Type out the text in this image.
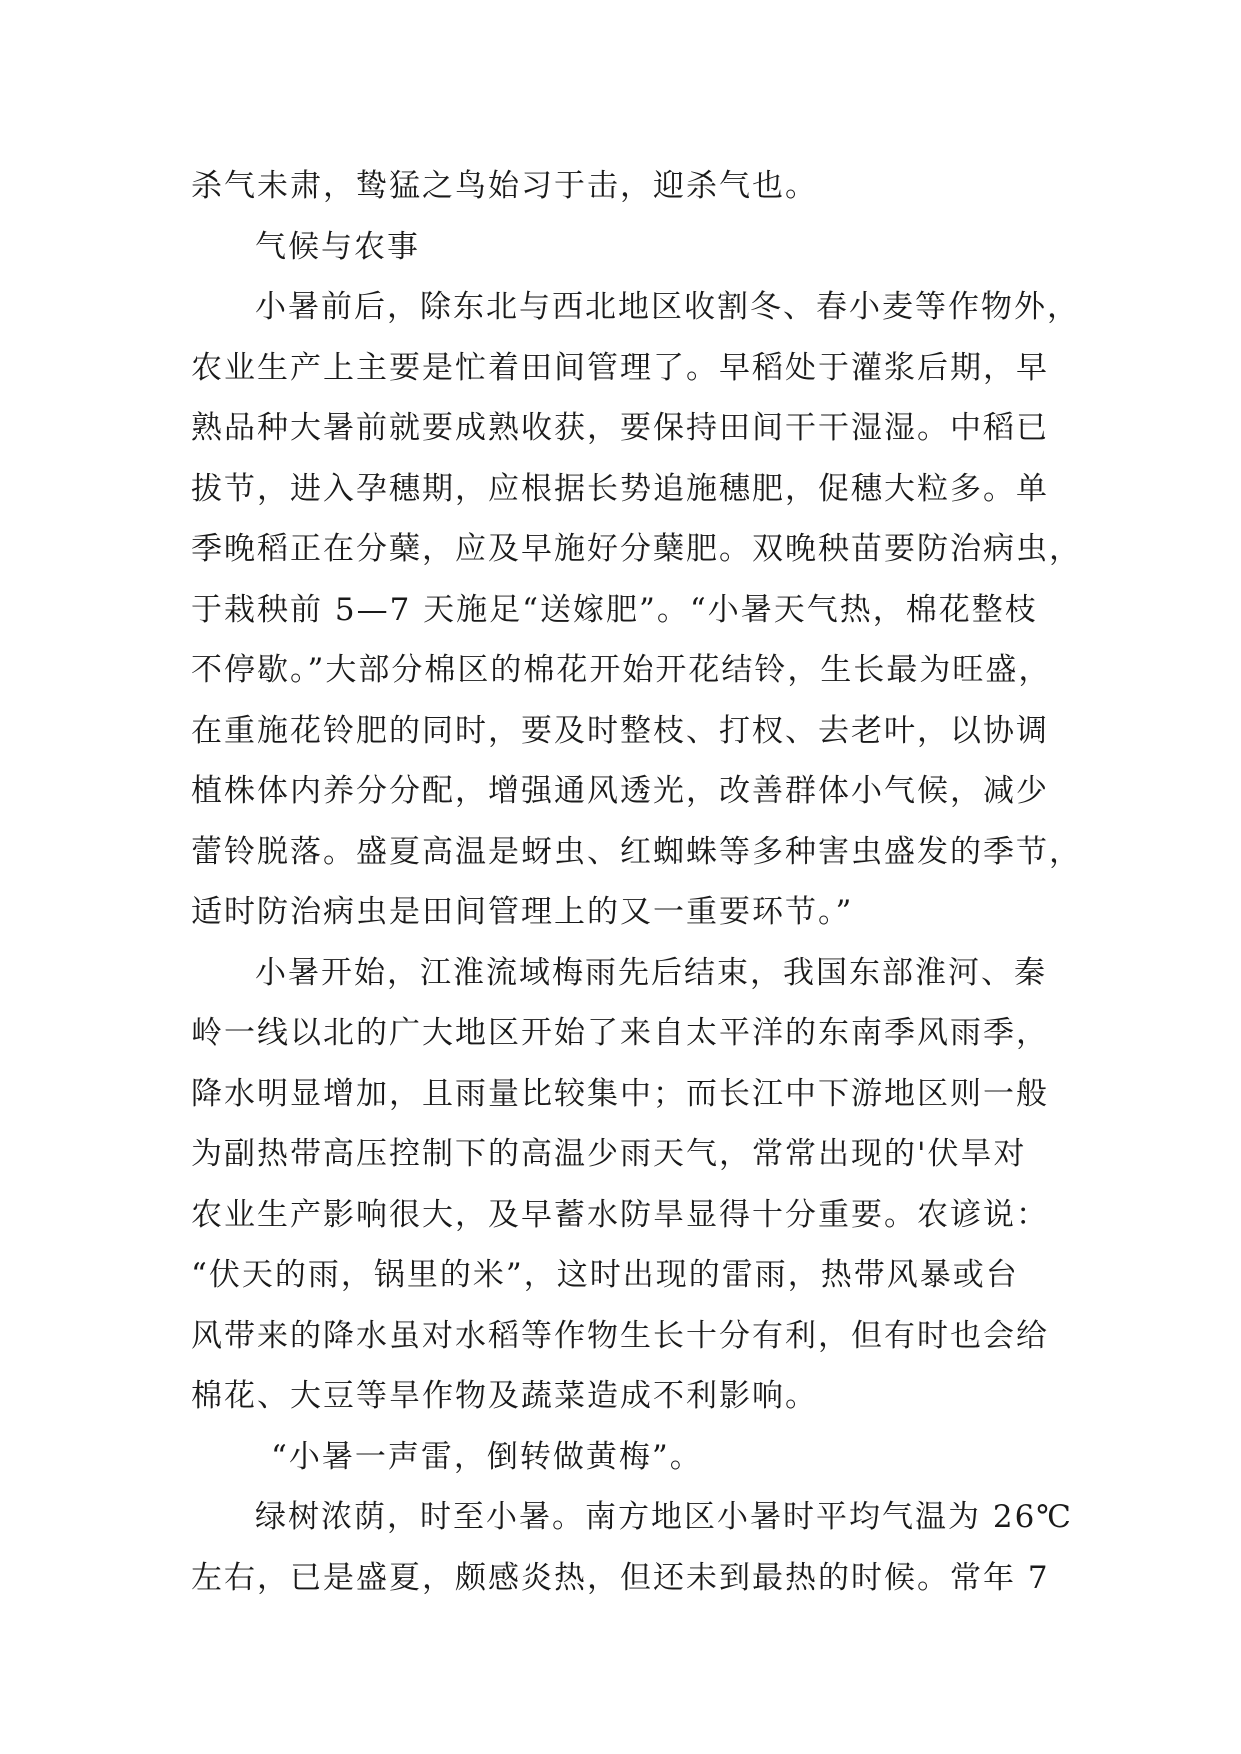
杀气未肃，鸷猛之鸟始习于击，迎杀气也。
气候与农事
小暑前后，除东北与西北地区收割冬、春小麦等作物外，
农业生产上主要是忙着田间管理了。早稻处于灌浆后期，早
熟品种大暑前就要成熟收获，要保持田间干干湿湿。中稻已
拔节，进入孕穗期，应根据长势追施穗肥，促穗大粒多。单
季晚稻正在分蘖，应及早施好分蘖肥。双晚秧苗要防治病虫，
于栽秧前 5—7 天施足“送嫁肥”。“小暑天气热，棉花整枝
不停歇。”大部分棉区的棉花开始开花结铃，生长最为旺盛，
在重施花铃肥的同时，要及时整枝、打杈、去老叶，以协调
植株体内养分分配，增强通风透光，改善群体小气候，减少
蕾铃脱落。盛夏高温是蚜虫、红蜘蛛等多种害虫盛发的季节，
适时防治病虫是田间管理上的又一重要环节。”
小暑开始，江淮流域梅雨先后结束，我国东部淮河、秦
岭一线以北的广大地区开始了来自太平洋的东南季风雨季，
降水明显增加，且雨量比较集中；而长江中下游地区则一般
为副热带高压控制下的高温少雨天气，常常出现的'伏旱对
农业生产影响很大，及早蓄水防旱显得十分重要。农谚说：
“伏天的雨，锅里的米”，这时出现的雷雨，热带风暴或台
风带来的降水虽对水稻等作物生长十分有利，但有时也会给
棉花、大豆等旱作物及蔬菜造成不利影响。
“小暑一声雷，倒转做黄梅”。
绿树浓荫，时至小暑。南方地区小暑时平均气温为 26℃
左右，已是盛夏，颇感炎热，但还未到最热的时候。常年 7
